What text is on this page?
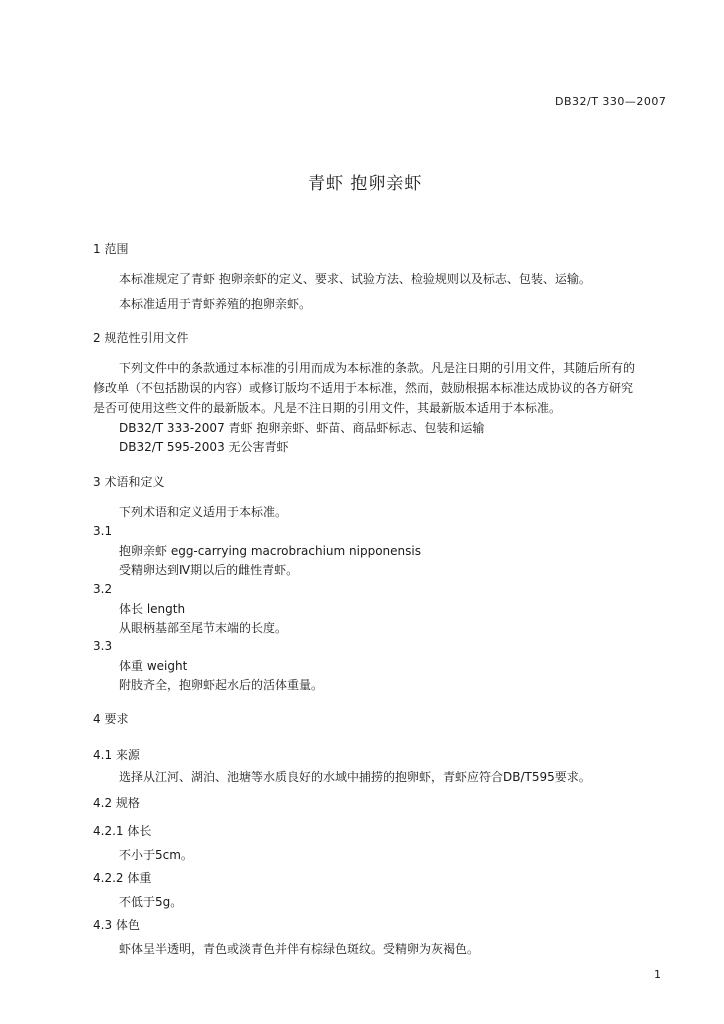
DB32/T 330—2007
青虾 抱卵亲虾
1 范围
本标准规定了青虾 抱卵亲虾的定义、要求、试验方法、检验规则以及标志、包装、运输。
本标准适用于青虾养殖的抱卵亲虾。
2 规范性引用文件
下列文件中的条款通过本标准的引用而成为本标准的条款。凡是注日期的引用文件，其随后所有的
修改单（不包括勘误的内容）或修订版均不适用于本标准，然而，鼓励根据本标准达成协议的各方研究
是否可使用这些文件的最新版本。凡是不注日期的引用文件，其最新版本适用于本标准。
DB32/T 333-2007 青虾 抱卵亲虾、虾苗、商品虾标志、包装和运输
DB32/T 595-2003 无公害青虾
3 术语和定义
下列术语和定义适用于本标准。
3.1
抱卵亲虾 egg-carrying macrobrachium nipponensis
受精卵达到Ⅳ期以后的雌性青虾。
3.2
体长 length
从眼柄基部至尾节末端的长度。
3.3
体重 weight
附肢齐全，抱卵虾起水后的活体重量。
4 要求
4.1 来源
选择从江河、湖泊、池塘等水质良好的水域中捕捞的抱卵虾，青虾应符合DB/T595要求。
4.2 规格
4.2.1 体长
不小于5cm。
4.2.2 体重
不低于5g。
4.3 体色
虾体呈半透明，青色或淡青色并伴有棕绿色斑纹。受精卵为灰褐色。
1
